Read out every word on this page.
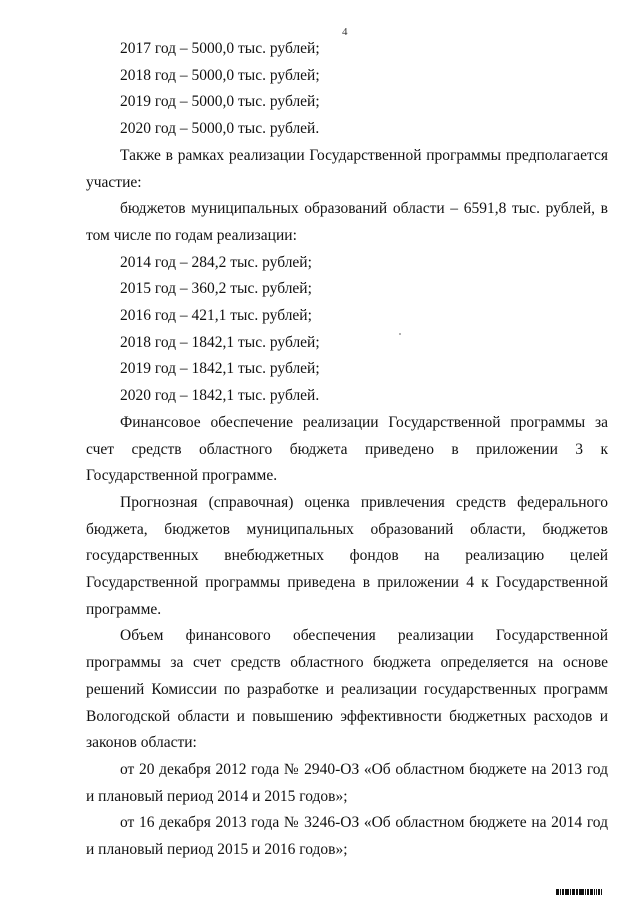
4

2017 год – 5000,0 тыс. рублей;

2018 год – 5000,0 тыс. рублей;

2019 год – 5000,0 тыс. рублей;

2020 год – 5000,0 тыс. рублей.

Также в рамках реализации Государственной программы предполагается участие:

бюджетов муниципальных образований области – 6591,8 тыс. рублей, в том числе по годам реализации:

2014 год – 284,2 тыс. рублей;

2015 год – 360,2 тыс. рублей;

2016 год – 421,1 тыс. рублей;

2018 год – 1842,1 тыс. рублей;

2019 год – 1842,1 тыс. рублей;

2020 год – 1842,1 тыс. рублей.

Финансовое обеспечение реализации Государственной программы за счет средств областного бюджета приведено в приложении 3 к Государственной программе.

Прогнозная (справочная) оценка привлечения средств федерального бюджета, бюджетов муниципальных образований области, бюджетов государственных внебюджетных фондов на реализацию целей Государственной программы приведена в приложении 4 к Государственной программе.

Объем финансового обеспечения реализации Государственной программы за счет средств областного бюджета определяется на основе решений Комиссии по разработке и реализации государственных программ Вологодской области и повышению эффективности бюджетных расходов и законов области:

от 20 декабря 2012 года № 2940-ОЗ «Об областном бюджете на 2013 год и плановый период 2014 и 2015 годов»;

от 16 декабря 2013 года № 3246-ОЗ «Об областном бюджете на 2014 год и плановый период 2015 и 2016 годов»;
